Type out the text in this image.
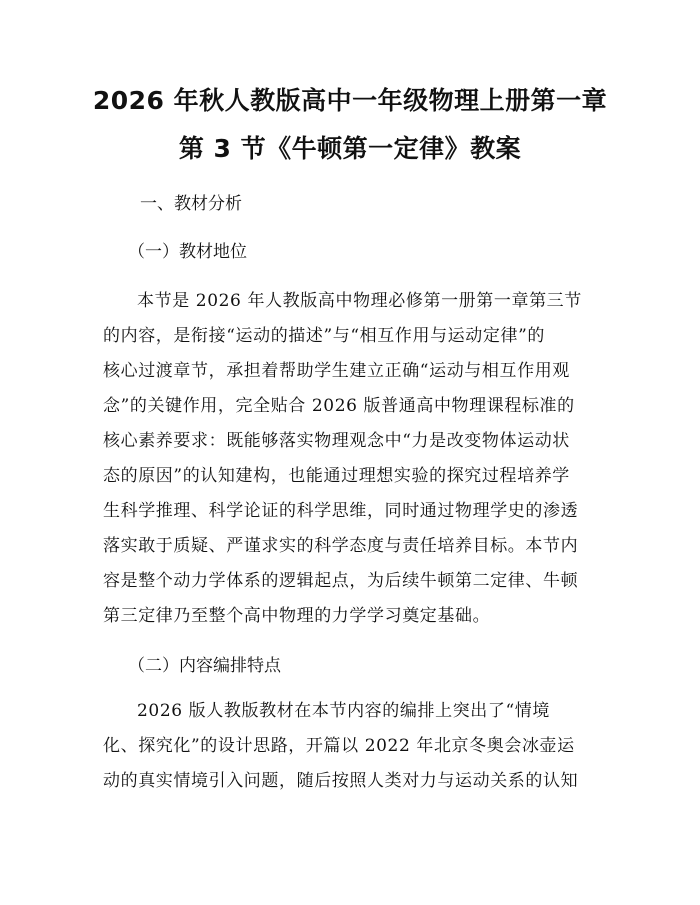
2026 年秋人教版高中一年级物理上册第一章
第 3 节《牛顿第一定律》教案
一、教材分析
（一）教材地位
本节是 2026 年人教版高中物理必修第一册第一章第三节
的内容，是衔接“运动的描述”与“相互作用与运动定律”的
核心过渡章节，承担着帮助学生建立正确“运动与相互作用观
念”的关键作用，完全贴合 2026 版普通高中物理课程标准的
核心素养要求：既能够落实物理观念中“力是改变物体运动状
态的原因”的认知建构，也能通过理想实验的探究过程培养学
生科学推理、科学论证的科学思维，同时通过物理学史的渗透
落实敢于质疑、严谨求实的科学态度与责任培养目标。本节内
容是整个动力学体系的逻辑起点，为后续牛顿第二定律、牛顿
第三定律乃至整个高中物理的力学学习奠定基础。
（二）内容编排特点
2026 版人教版教材在本节内容的编排上突出了“情境
化、探究化”的设计思路，开篇以 2022 年北京冬奥会冰壶运
动的真实情境引入问题，随后按照人类对力与运动关系的认知
